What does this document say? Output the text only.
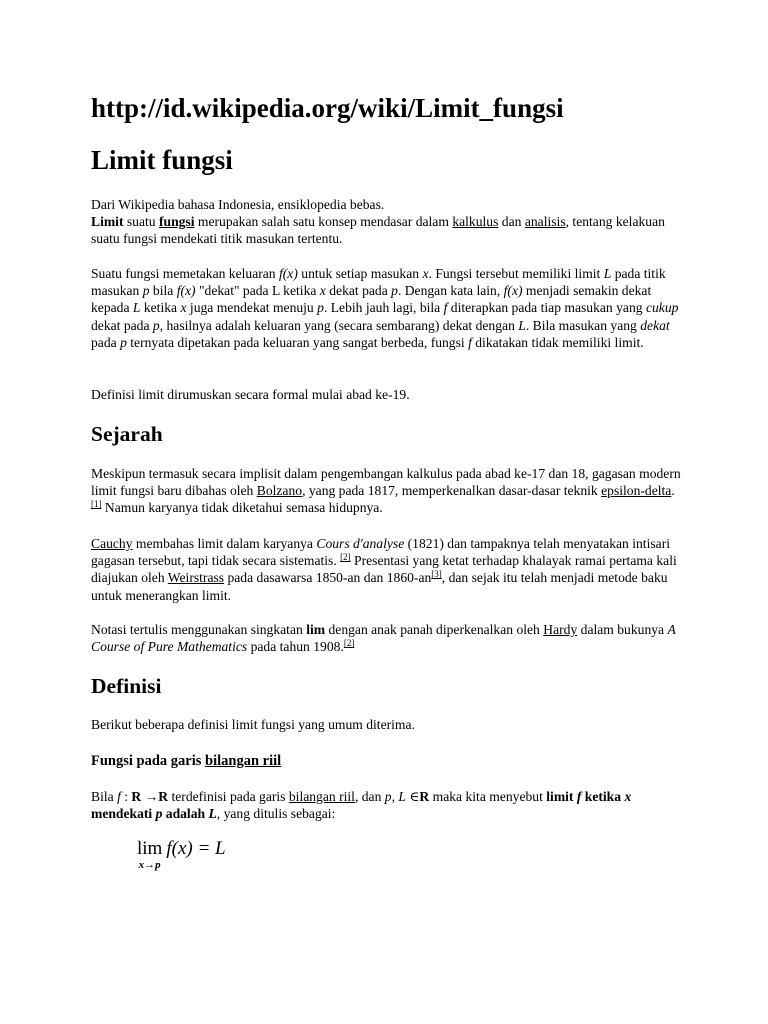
http://id.wikipedia.org/wiki/Limit_fungsi
Limit fungsi

Dari Wikipedia bahasa Indonesia, ensiklopedia bebas.
Limit suatu fungsi merupakan salah satu konsep mendasar dalam kalkulus dan analisis, tentang kelakuan suatu fungsi mendekati titik masukan tertentu.

Suatu fungsi memetakan keluaran f(x) untuk setiap masukan x. Fungsi tersebut memiliki limit L pada titik masukan p bila f(x) "dekat" pada L ketika x dekat pada p. Dengan kata lain, f(x) menjadi semakin dekat kepada L ketika x juga mendekat menuju p. Lebih jauh lagi, bila f diterapkan pada tiap masukan yang cukup dekat pada p, hasilnya adalah keluaran yang (secara sembarang) dekat dengan L. Bila masukan yang dekat pada p ternyata dipetakan pada keluaran yang sangat berbeda, fungsi f dikatakan tidak memiliki limit.

Definisi limit dirumuskan secara formal mulai abad ke-19.

Sejarah

Meskipun termasuk secara implisit dalam pengembangan kalkulus pada abad ke-17 dan 18, gagasan modern limit fungsi baru dibahas oleh Bolzano, yang pada 1817, memperkenalkan dasar-dasar teknik epsilon-delta. [1] Namun karyanya tidak diketahui semasa hidupnya.

Cauchy membahas limit dalam karyanya Cours d'analyse (1821) dan tampaknya telah menyatakan intisari gagasan tersebut, tapi tidak secara sistematis. [2] Presentasi yang ketat terhadap khalayak ramai pertama kali diajukan oleh Weirstrass pada dasawarsa 1850-an dan 1860-an[3], dan sejak itu telah menjadi metode baku untuk menerangkan limit.

Notasi tertulis menggunakan singkatan lim dengan anak panah diperkenalkan oleh Hardy dalam bukunya A Course of Pure Mathematics pada tahun 1908.[2]

Definisi

Berikut beberapa definisi limit fungsi yang umum diterima.

Fungsi pada garis bilangan riil

Bila f : R →R terdefinisi pada garis bilangan riil, dan p, L ∈R maka kita menyebut limit f ketika x mendekati p adalah L, yang ditulis sebagai:

lim
x→p
f(x) = L
